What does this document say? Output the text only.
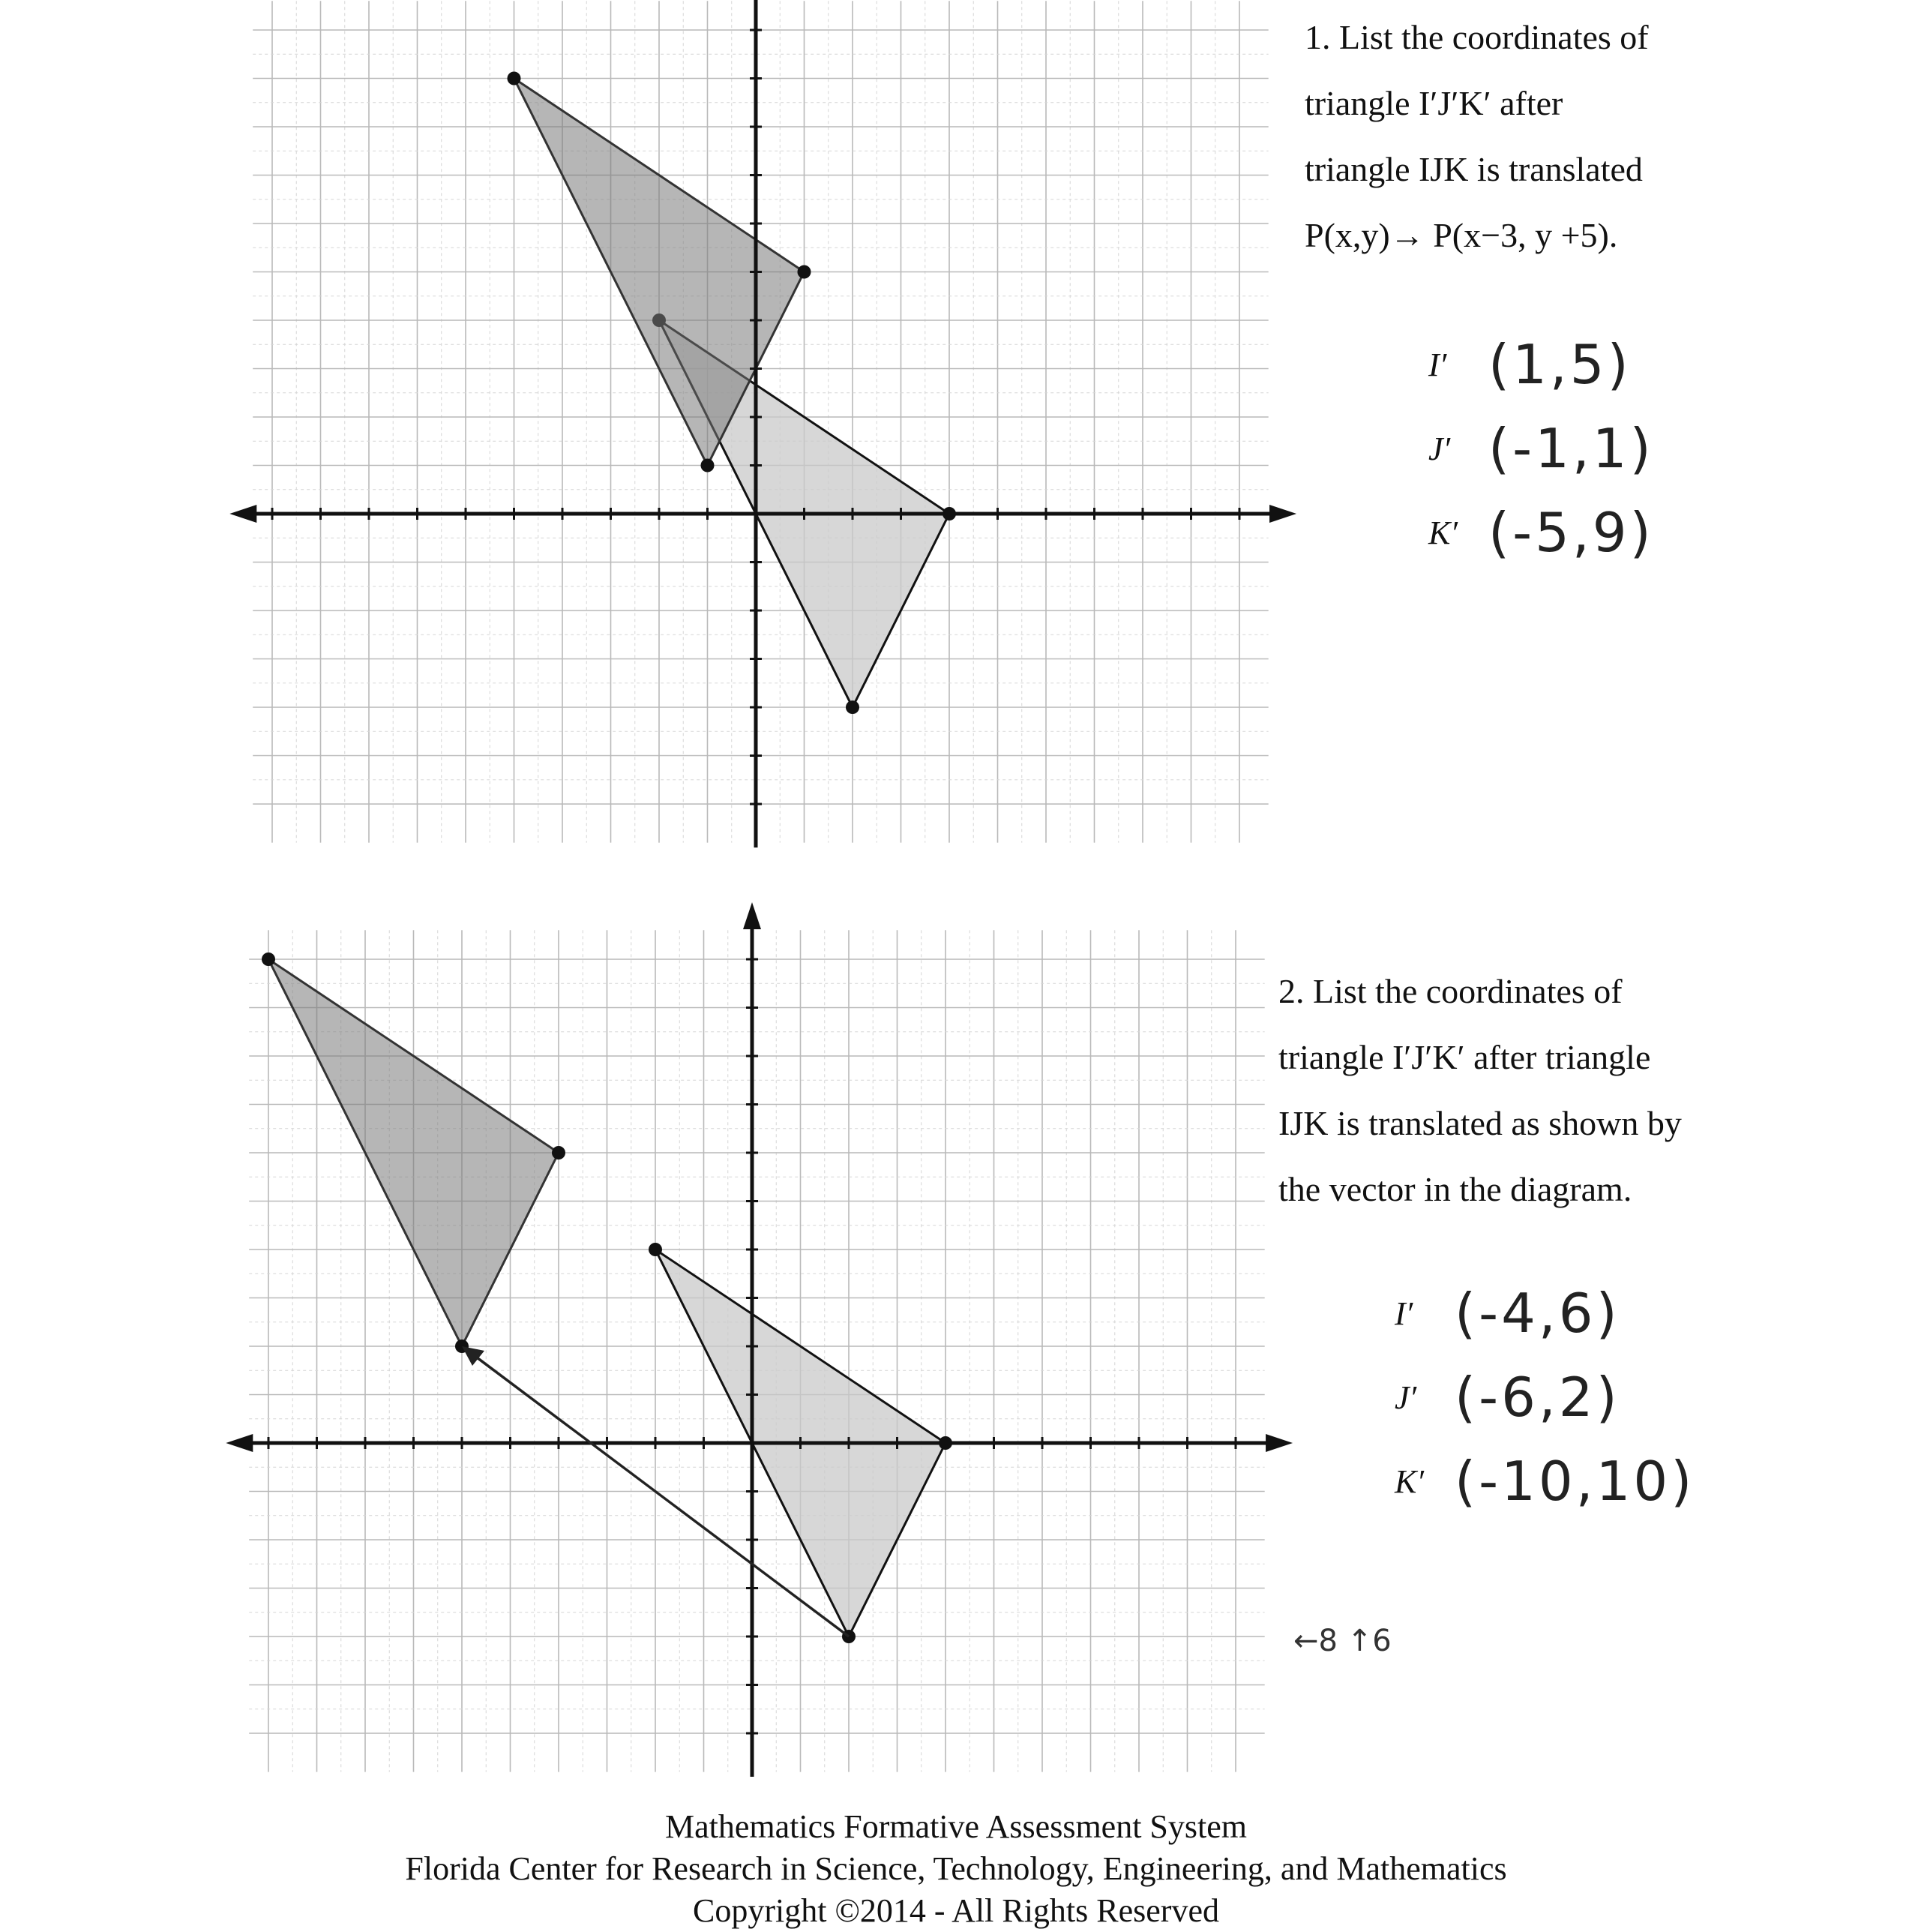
1. List the coordinates of
triangle I′J′K′ after
triangle IJK is translated
P(x,y)→ P(x−3, y +5).
I′ (1,5)
J′ (-1,1)
K′ (-5,9)
2. List the coordinates of
triangle I′J′K′ after triangle
IJK is translated as shown by
the vector in the diagram.
I′ (-4,6)
J′ (-6,2)
K′ (-10,10)
←8 ↑6
Mathematics Formative Assessment System
Florida Center for Research in Science, Technology, Engineering, and Mathematics
Copyright ©2014 - All Rights Reserved
